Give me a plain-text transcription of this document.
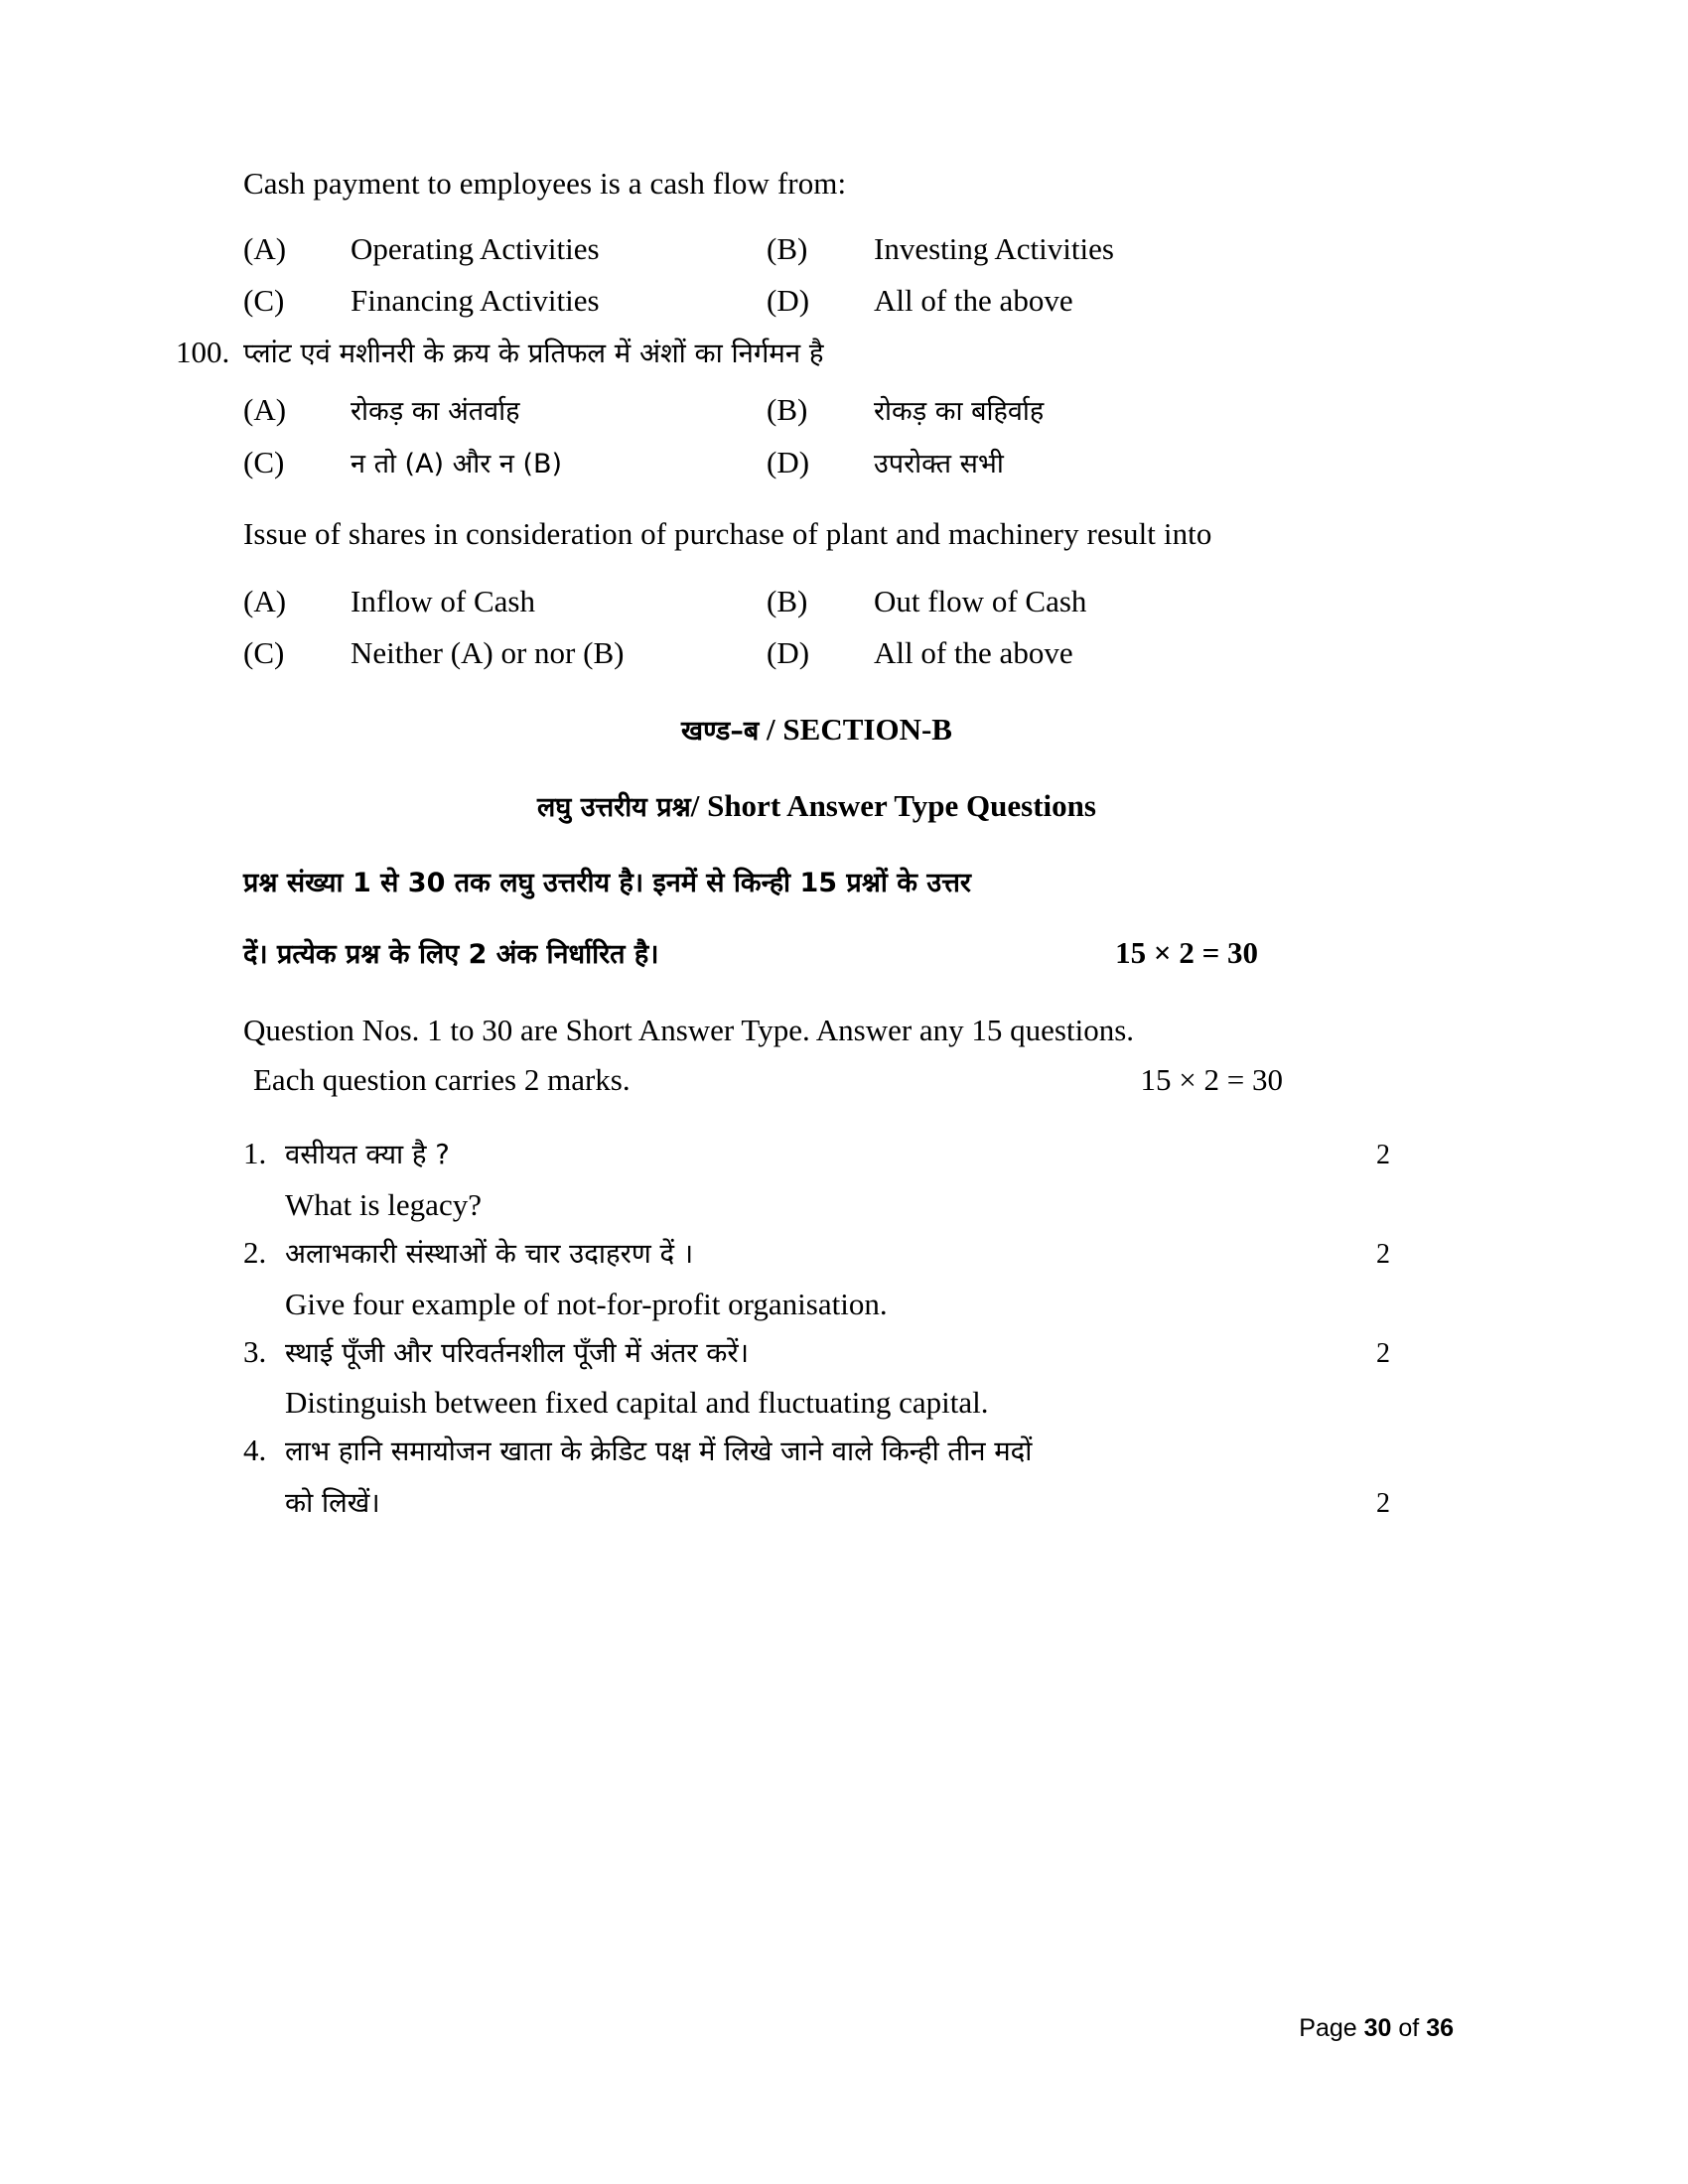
Cash payment to employees is a cash flow from:
(A)	Operating Activities	(B)	Investing Activities
(C)	Financing Activities	(D)	All of the above
100. प्लांट एवं मशीनरी के क्रय के प्रतिफल में अंशों का निर्गमन है
(A)	रोकड़ का अंतर्वाह	(B)	रोकड़ का बहिर्वाह
(C)	न तो (A) और न (B)	(D)	उपरोक्त सभी
Issue of shares in consideration of purchase of plant and machinery result into
(A)	Inflow of Cash	(B)	Out flow of Cash
(C)	Neither (A) or nor (B)	(D)	All of the above
खण्ड–ब / SECTION-B
लघु उत्तरीय प्रश्न/ Short Answer Type Questions
प्रश्न संख्या 1 से 30 तक लघु उत्तरीय है। इनमें से किन्ही 15 प्रश्नों के उत्तर
दें। प्रत्येक प्रश्न के लिए 2 अंक निर्धारित है।	15 × 2 = 30
Question Nos. 1 to 30 are Short Answer Type. Answer any 15 questions.
Each question carries 2 marks.	15 × 2 = 30
1. वसीयत क्या है ?	2
What is legacy?
2. अलाभकारी संस्थाओं के चार उदाहरण दें ।	2
Give four example of not-for-profit organisation.
3. स्थाई पूँजी और परिवर्तनशील पूँजी में अंतर करें।	2
Distinguish between fixed capital and fluctuating capital.
4. लाभ हानि समायोजन खाता के क्रेडिट पक्ष में लिखे जाने वाले किन्ही तीन मदों
को लिखें।	2
Page 30 of 36
